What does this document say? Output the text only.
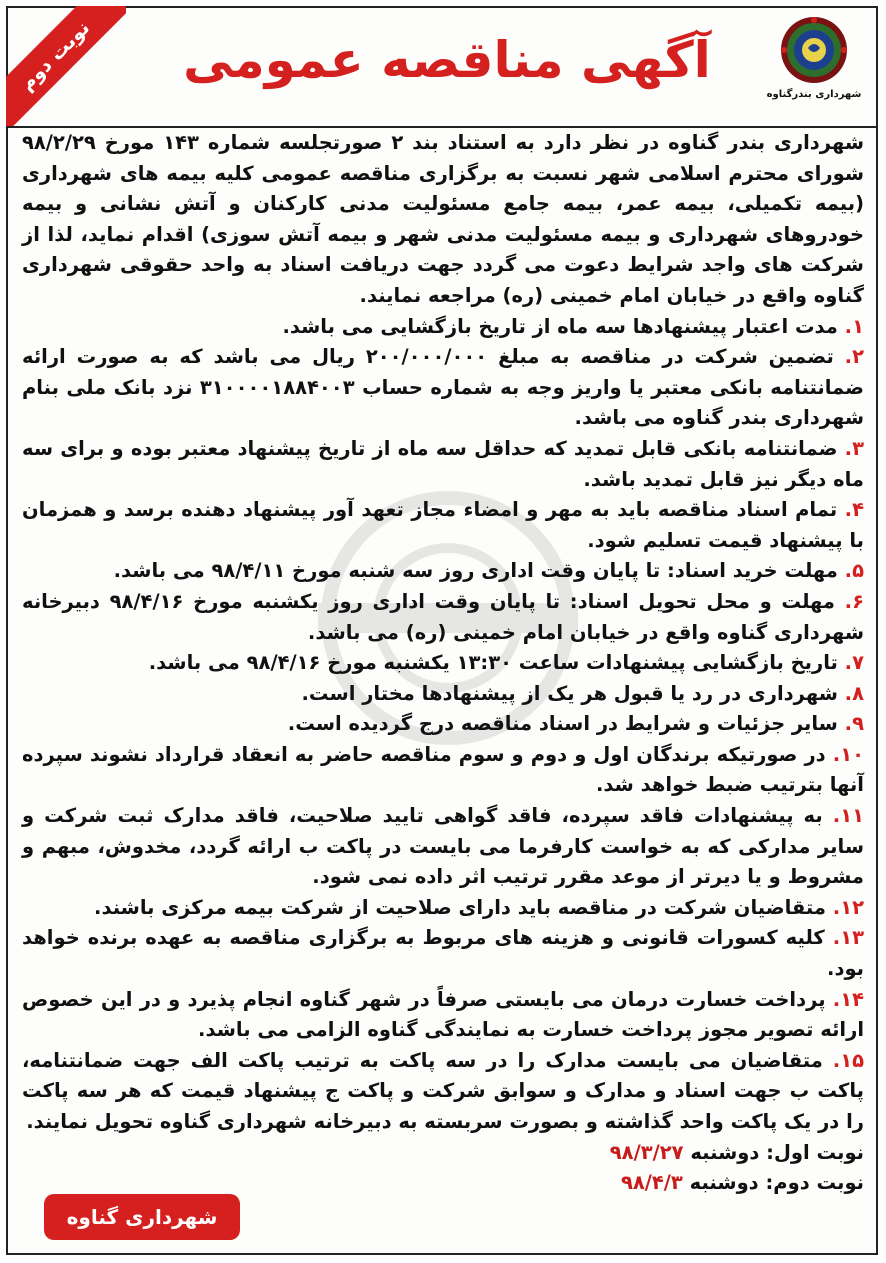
نوبت دوم	آگهی مناقصه عمومی
شهرداری بندرگناوه

شهرداری بندر گناوه در نظر دارد به استناد بند ۲ صورتجلسه شماره ۱۴۳ مورخ ۹۸/۲/۲۹ شورای محترم اسلامی شهر نسبت به برگزاری مناقصه عمومی کلیه بیمه های شهرداری (بیمه تکمیلی، بیمه عمر، بیمه جامع مسئولیت مدنی کارکنان و آتش نشانی و بیمه خودروهای شهرداری و بیمه مسئولیت مدنی شهر و بیمه آتش سوزی) اقدام نماید، لذا از شرکت های واجد شرایط دعوت می گردد جهت دریافت اسناد به واحد حقوقی شهرداری گناوه واقع در خیابان امام خمینی (ره) مراجعه نمایند.

۱. مدت اعتبار پیشنهادها سه ماه از تاریخ بازگشایی می باشد.

۲. تضمین شرکت در مناقصه به مبلغ ۲۰۰/۰۰۰/۰۰۰ ریال می باشد که به صورت ارائه ضمانتنامه بانکی معتبر یا واریز وجه به شماره حساب ۳۱۰۰۰۰۱۸۸۴۰۰۳ نزد بانک ملی بنام شهرداری بندر گناوه می باشد.

۳. ضمانتنامه بانکی قابل تمدید که حداقل سه ماه از تاریخ پیشنهاد معتبر بوده و برای سه ماه دیگر نیز قابل تمدید باشد.

۴. تمام اسناد مناقصه باید به مهر و امضاء مجاز تعهد آور پیشنهاد دهنده برسد و همزمان با پیشنهاد قیمت تسلیم شود.

۵. مهلت خرید اسناد: تا پایان وقت اداری روز سه شنبه مورخ ۹۸/۴/۱۱ می باشد.

۶. مهلت و محل تحویل اسناد: تا پایان وقت اداری روز یکشنبه مورخ ۹۸/۴/۱۶ دبیرخانه شهرداری گناوه واقع در خیابان امام خمینی (ره) می باشد.

۷. تاریخ بازگشایی پیشنهادات ساعت ۱۳:۳۰ یکشنبه مورخ ۹۸/۴/۱۶ می باشد.

۸. شهرداری در رد یا قبول هر یک از پیشنهادها مختار است.

۹. سایر جزئیات و شرایط در اسناد مناقصه درج گردیده است.

۱۰. در صورتیکه برندگان اول و دوم و سوم مناقصه حاضر به انعقاد قرارداد نشوند سپرده آنها بترتیب ضبط خواهد شد.

۱۱. به پیشنهادات فاقد سپرده، فاقد گواهی تایید صلاحیت، فاقد مدارک ثبت شرکت و سایر مدارکی که به خواست کارفرما می بایست در پاکت ب ارائه گردد، مخدوش، مبهم و مشروط و یا دیرتر از موعد مقرر ترتیب اثر داده نمی شود.

۱۲. متقاضیان شرکت در مناقصه باید دارای صلاحیت از شرکت بیمه مرکزی باشند.

۱۳. کلیه کسورات قانونی و هزینه های مربوط به برگزاری مناقصه به عهده برنده خواهد بود.

۱۴. پرداخت خسارت درمان می بایستی صرفاً در شهر گناوه انجام پذیرد و در این خصوص ارائه تصویر مجوز پرداخت خسارت به نمایندگی گناوه الزامی می باشد.

۱۵. متقاضیان می بایست مدارک را در سه پاکت به ترتیب پاکت الف جهت ضمانتنامه، پاکت ب جهت اسناد و مدارک و سوابق شرکت و پاکت ج پیشنهاد قیمت که هر سه پاکت را در یک پاکت واحد گذاشته و بصورت سربسته به دبیرخانه شهرداری گناوه تحویل نمایند.

نوبت اول: دوشنبه ۹۸/۳/۲۷
نوبت دوم: دوشنبه ۹۸/۴/۳
شهرداری گناوه
